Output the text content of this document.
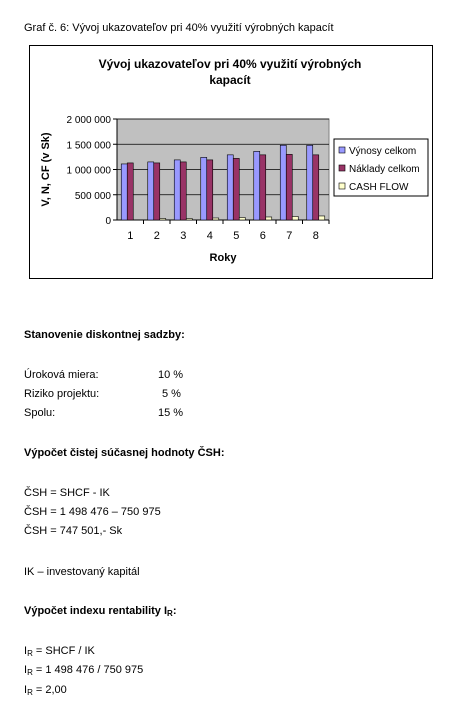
Graf č. 6: Vývoj ukazovateľov pri 40% využití výrobných kapacít
Vývoj ukazovateľov pri 40% využití výrobných
kapacít
0
500 000
1 000 000
1 500 000
2 000 000
1 2 3 4 5 6 7 8
Roky
V, N, CF (v Sk)	Výnosy celkom
Náklady celkom
CASH FLOW
Stanovenie diskontnej sadzby:
Úroková miera:	10 %
Riziko projektu:	5 %
Spolu:	15 %
Výpočet čistej súčasnej hodnoty ČSH:
ČSH = SHCF - IK
ČSH = 1 498 476 – 750 975
ČSH = 747 501,- Sk
IK – investovaný kapitál
Výpočet indexu rentability $I_R$:
$I_R$ = SHCF / IK
$I_R = 1$ 498 476 / 750 975
$I_R = 2,00$
